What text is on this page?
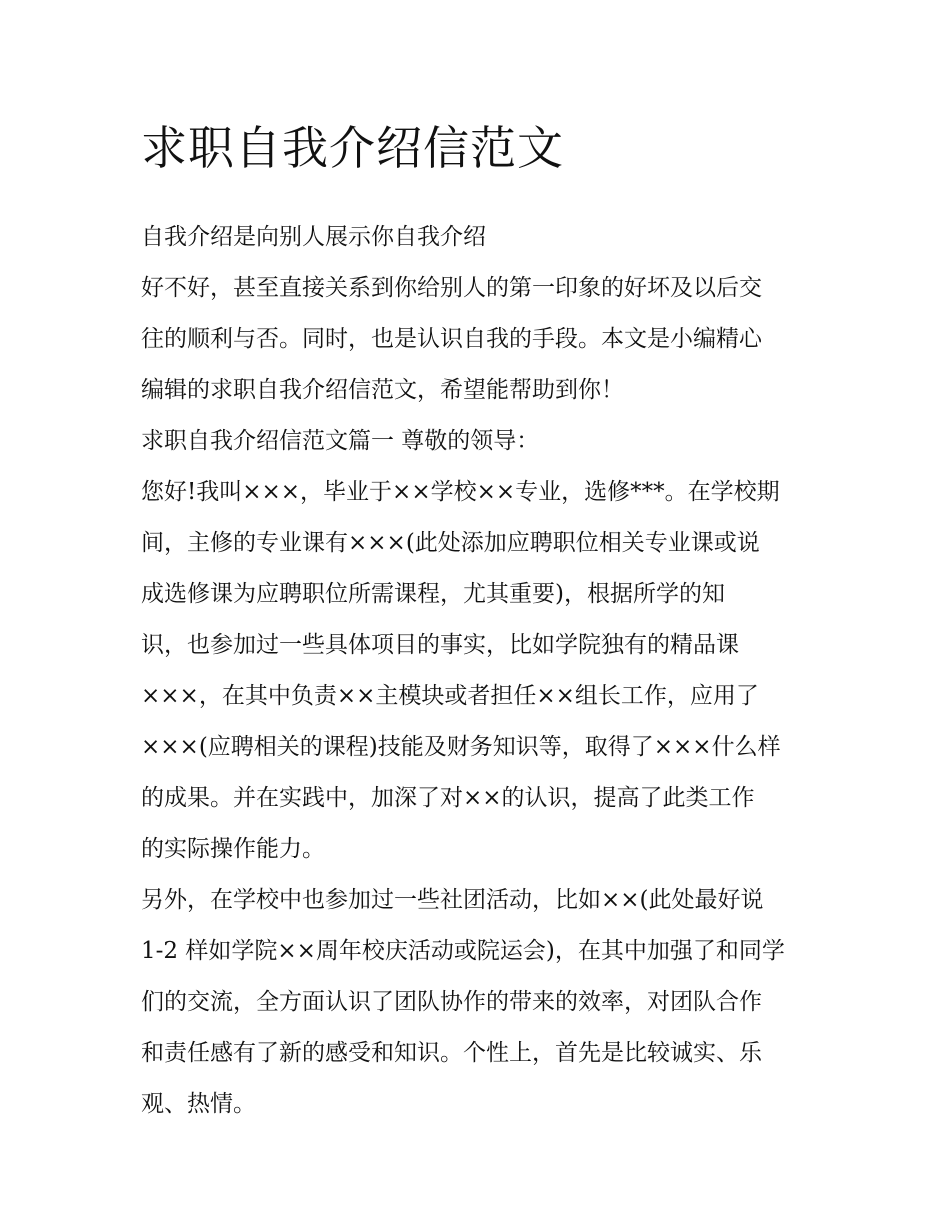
求职自我介绍信范文

自我介绍是向别人展示你自我介绍

好不好，甚至直接关系到你给别人的第一印象的好坏及以后交

往的顺利与否。同时，也是认识自我的手段。本文是小编精心

编辑的求职自我介绍信范文，希望能帮助到你！

求职自我介绍信范文篇一 尊敬的领导：

您好!我叫×××，毕业于××学校××专业，选修***。在学校期

间，主修的专业课有×××(此处添加应聘职位相关专业课或说

成选修课为应聘职位所需课程，尤其重要)，根据所学的知

识，也参加过一些具体项目的事实，比如学院独有的精品课

×××，在其中负责××主模块或者担任××组长工作，应用了

×××(应聘相关的课程)技能及财务知识等，取得了×××什么样

的成果。并在实践中，加深了对××的认识，提高了此类工作

的实际操作能力。

另外，在学校中也参加过一些社团活动，比如××(此处最好说

1-2 样如学院××周年校庆活动或院运会)，在其中加强了和同学

们的交流，全方面认识了团队协作的带来的效率，对团队合作

和责任感有了新的感受和知识。个性上，首先是比较诚实、乐

观、热情。
